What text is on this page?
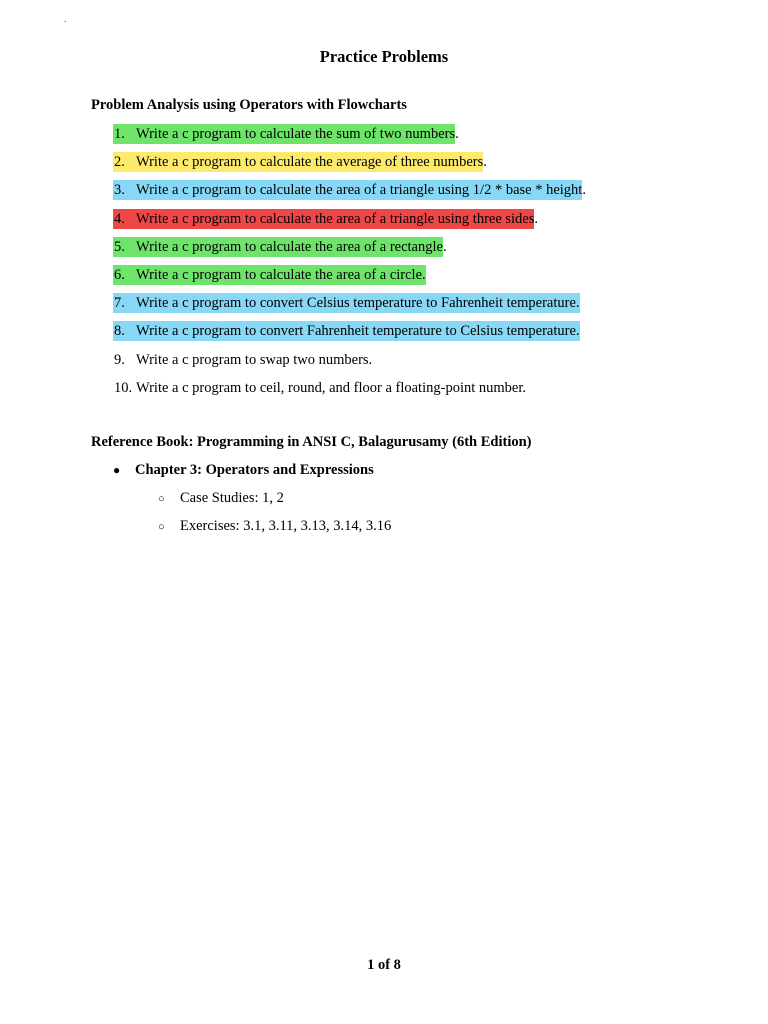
.
Practice Problems
Problem Analysis using Operators with Flowcharts
1. Write a c program to calculate the sum of two numbers.
2. Write a c program to calculate the average of three numbers.
3. Write a c program to calculate the area of a triangle using 1/2 * base * height.
4. Write a c program to calculate the area of a triangle using three sides.
5. Write a c program to calculate the area of a rectangle.
6. Write a c program to calculate the area of a circle.
7. Write a c program to convert Celsius temperature to Fahrenheit temperature.
8. Write a c program to convert Fahrenheit temperature to Celsius temperature.
9. Write a c program to swap two numbers.
10. Write a c program to ceil, round, and floor a floating-point number.
Reference Book: Programming in ANSI C, Balagurusamy (6th Edition)
● Chapter 3: Operators and Expressions
○ Case Studies: 1, 2
○ Exercises: 3.1, 3.11, 3.13, 3.14, 3.16
1 of 8
